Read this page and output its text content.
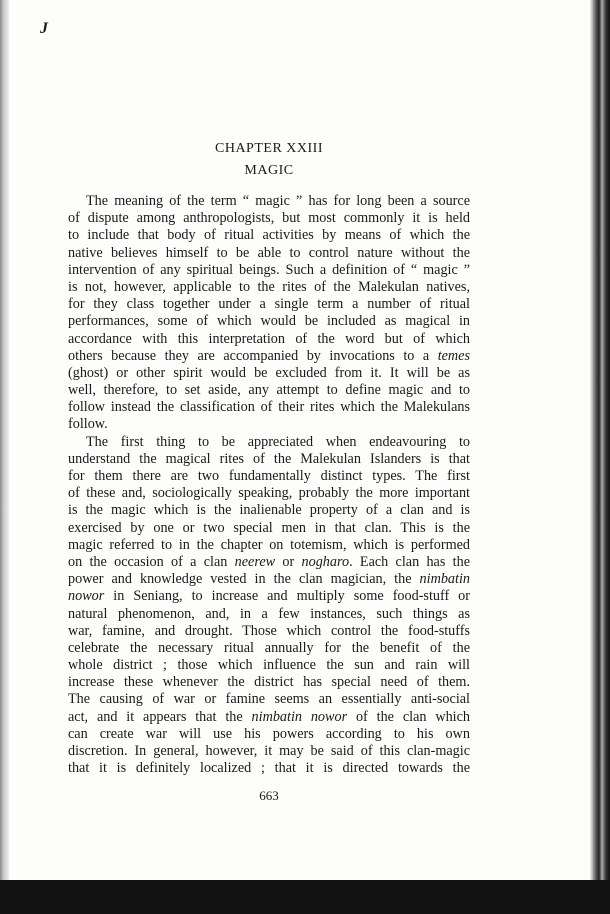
J
CHAPTER XXIII
MAGIC
The meaning of the term “ magic ” has for long been a source
of dispute among anthropologists, but most commonly it is held
to include that body of ritual activities by means of which the
native believes himself to be able to control nature without the
intervention of any spiritual beings. Such a definition of “ magic ”
is not, however, applicable to the rites of the Malekulan natives,
for they class together under a single term a number of ritual
performances, some of which would be included as magical in
accordance with this interpretation of the word but of which
others because they are accompanied by invocations to a temes
(ghost) or other spirit would be excluded from it. It will be as
well, therefore, to set aside, any attempt to define magic and to
follow instead the classification of their rites which the Malekulans
follow.
The first thing to be appreciated when endeavouring to
understand the magical rites of the Malekulan Islanders is that
for them there are two fundamentally distinct types. The first
of these and, sociologically speaking, probably the more important
is the magic which is the inalienable property of a clan and is
exercised by one or two special men in that clan. This is the
magic referred to in the chapter on totemism, which is performed
on the occasion of a clan neerew or nogharo. Each clan has the
power and knowledge vested in the clan magician, the nimbatin
nowor in Seniang, to increase and multiply some food-stuff or
natural phenomenon, and, in a few instances, such things as
war, famine, and drought. Those which control the food-stuffs
celebrate the necessary ritual annually for the benefit of the
whole district ; those which influence the sun and rain will
increase these whenever the district has special need of them.
The causing of war or famine seems an essentially anti-social
act, and it appears that the nimbatin nowor of the clan which
can create war will use his powers according to his own
discretion. In general, however, it may be said of this clan-magic
that it is definitely localized ; that it is directed towards the
663
